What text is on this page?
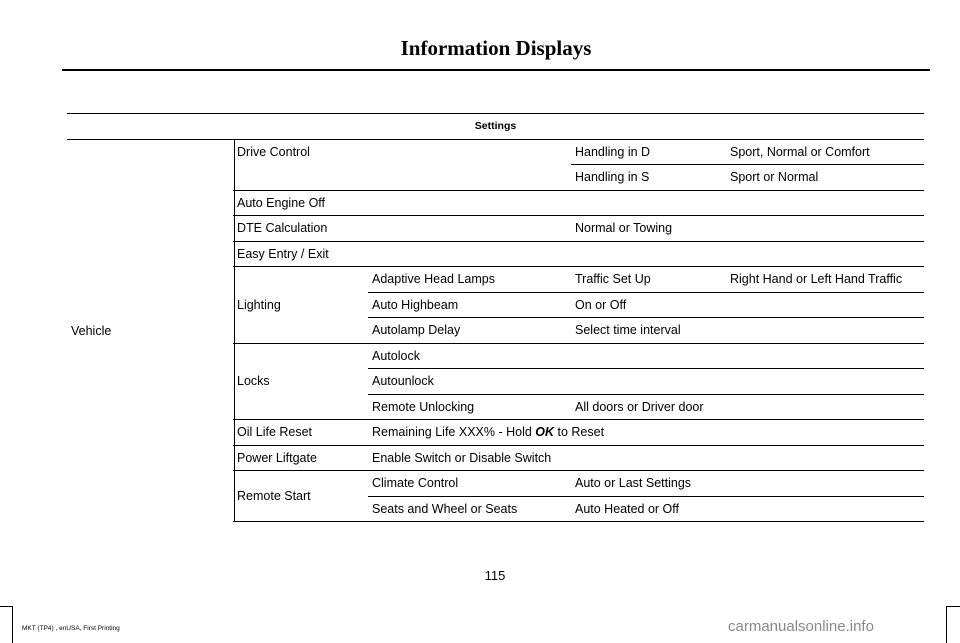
Information Displays
Settings				
Vehicle	Drive Control		Handling in D	Sport, Normal or Comfort
			Handling in S	Sport or Normal
	Auto Engine Off			
	DTE Calculation		Normal or Towing	
	Easy Entry / Exit			
	Lighting	Adaptive Head Lamps	Traffic Set Up	Right Hand or Left Hand Traffic
		Auto Highbeam	On or Off	
		Autolamp Delay	Select time interval	
	Locks	Autolock		
		Autounlock		
		Remote Unlocking	All doors or Driver door	
	Oil Life Reset	Remaining Life XXX% - Hold OK to Reset		
	Power Liftgate	Enable Switch or Disable Switch		
	Remote Start	Climate Control	Auto or Last Settings	
		Seats and Wheel or Seats	Auto Heated or Off	
115
MKT (TP4) , enUSA, First Printing	carmanualsonline.info
